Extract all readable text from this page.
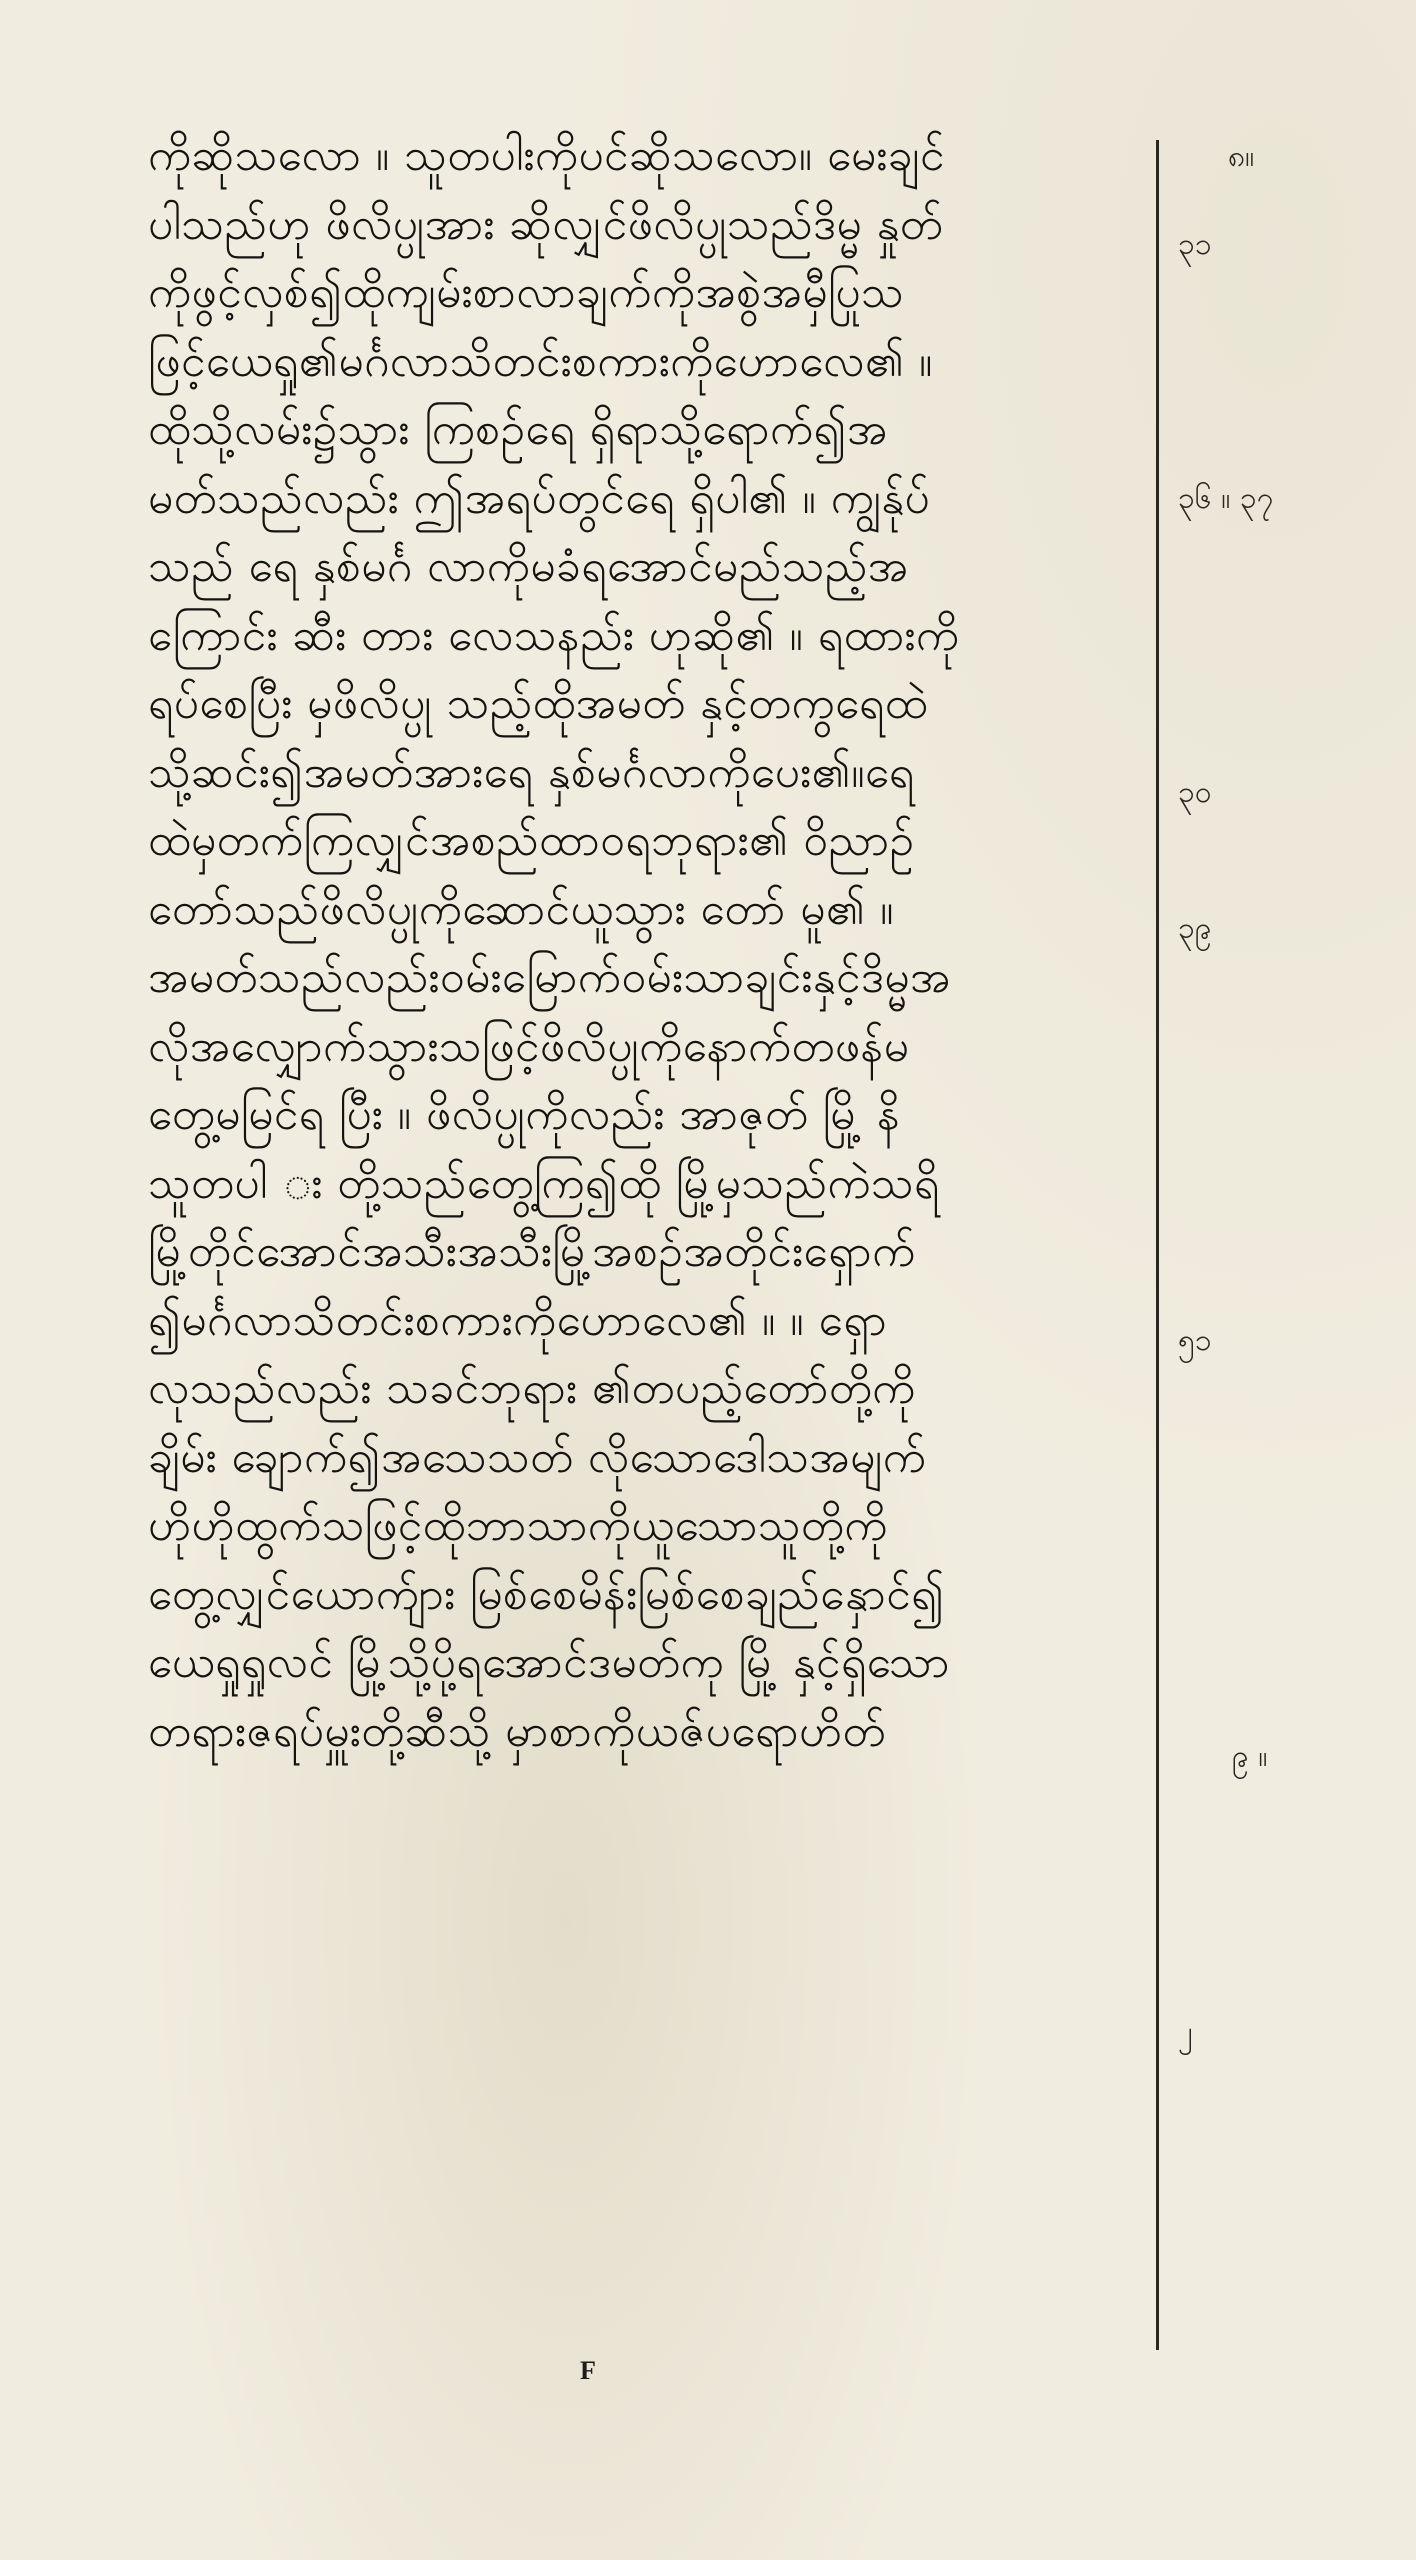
ကိုဆိုသလော ။ သူတပါးကိုပင်ဆိုသလော။ မေးချင်
ပါသည်ဟု ဖိလိပ္ပုအား ဆိုလျှင်ဖိလိပ္ပုသည်ဒိမ္မ နှုတ်
ကိုဖွင့်လှစ်၍ထိုကျမ်းစာလာချက်ကိုအစွဲအမှီပြုသ
ဖြင့်ယေရှု၏မင်္ဂလာသိတင်းစကားကိုဟောလေ၏ ။
ထိုသို့လမ်း၌သွား ကြစဉ်ရေ ရှိရာသို့ရောက်၍အ
မတ်သည်လည်း ဤအရပ်တွင်ရေ ရှိပါ၏ ။ ကျွန်ုပ်
သည် ရေ နှစ်မင်္ဂ လာကိုမခံရအောင်မည်သည့်အ
ကြောင်း ဆီး တား လေသနည်း ဟုဆို၏ ။ ရထားကို
ရပ်စေပြီး မှဖိလိပ္ပု သည့်ထိုအမတ် နှင့်တကွရေထဲ
သို့ဆင်း၍အမတ်အားရေ နှစ်မင်္ဂလာကိုပေး၏။ရေ
ထဲမှတက်ကြလျှင်အစည်ထာဝရဘုရား၏ ဝိညာဉ်
တော်သည်ဖိလိပ္ပုကိုဆောင်ယူသွား တော် မူ၏ ။
အမတ်သည်လည်းဝမ်းမြောက်ဝမ်းသာချင်းနှင့်ဒိမ္မအ
လိုအလျှောက်သွားသဖြင့်ဖိလိပ္ပုကိုနောက်တဖန်မ
တွေ့မမြင်ရ ပြီး ။ ဖိလိပ္ပုကိုလည်း အာဇုတ် မြို့ နိ
သူတပါ း တို့သည်တွေ့ကြ၍ထို မြို့မှသည်ကဲသရိ
မြို့တိုင်အောင်အသီးအသီးမြို့အစဉ်အတိုင်းရှောက်
၍မင်္ဂလာသိတင်းစကားကိုဟောလေ၏ ။ ။ ရှော
လုသည်လည်း သခင်ဘုရား ၏တပည့်တော်တို့ကို
ချိမ်း ချောက်၍အသေသတ် လိုသောဒေါသအမျက်
ဟိုဟိုထွက်သဖြင့်ထိုဘာသာကိုယူသောသူတို့ကို
တွေ့လျှင်ယောက်ျား မြစ်စေမိန်းမြစ်စေချည်နှောင်၍
ယေရှုရှုလင် မြို့သို့ပို့ရအောင်ဒမတ်ကု မြို့ နှင့်ရှိသော
တရားဇရပ်မှူးတို့ဆီသို့ မှာစာကိုယဇ်ပရောဟိတ်
၈။
၃၁
၃၆ ။ ၃၇
၃၀
၃၉
၅၁
၉ ။
၂
F
